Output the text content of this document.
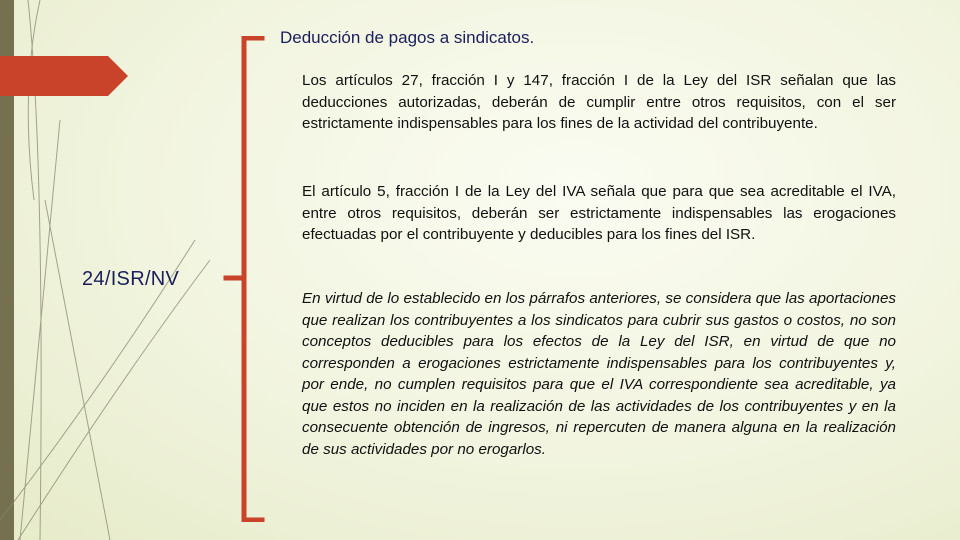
24/ISR/NV
Deducción de pagos a sindicatos.
Los artículos 27, fracción I y 147, fracción I de la Ley del ISR señalan que las deducciones autorizadas, deberán de cumplir entre otros requisitos, con el ser estrictamente indispensables para los fines de la actividad del contribuyente.
El artículo 5, fracción I de la Ley del IVA señala que para que sea acreditable el IVA, entre otros requisitos, deberán ser estrictamente indispensables las erogaciones efectuadas por el contribuyente y deducibles para los fines del ISR.
En virtud de lo establecido en los párrafos anteriores, se considera que las aportaciones que realizan los contribuyentes a los sindicatos para cubrir sus gastos o costos, no son conceptos deducibles para los efectos de la Ley del ISR, en virtud de que no corresponden a erogaciones estrictamente indispensables para los contribuyentes y, por ende, no cumplen requisitos para que el IVA correspondiente sea acreditable, ya que estos no inciden en la realización de las actividades de los contribuyentes y en la consecuente obtención de ingresos, ni repercuten de manera alguna en la realización de sus actividades por no erogarlos.
